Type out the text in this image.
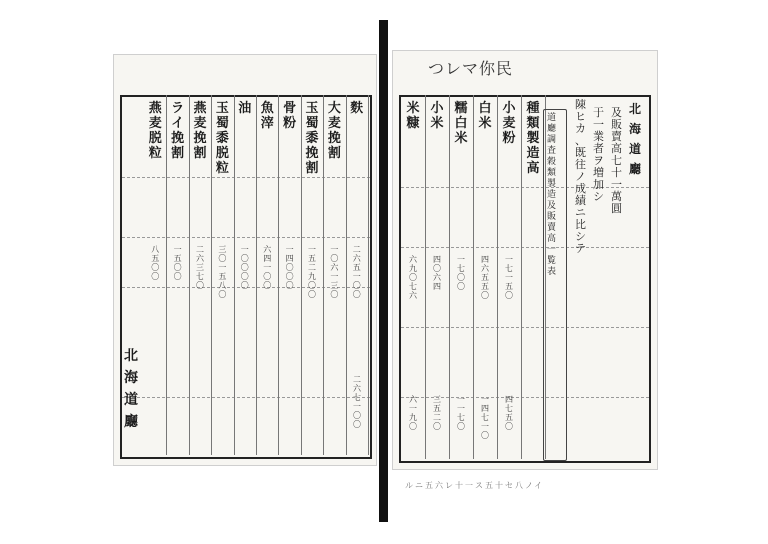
燕
麦
脱
粒
八
五
〇
〇
ラ
イ
挽
割
一
五
〇
〇
燕
麦
挽
割
二
六
三
七
〇
玉
蜀
黍
脱
粒
三
〇
一
五
八
〇
油
一
〇
〇
〇
〇
魚
滓
六
四
一
〇
〇
骨
粉
一
四
〇
〇
〇
玉
蜀
黍
挽
割
一
五
二
九
〇
〇
大
麦
挽
割
一
〇
六
一
三
〇
麩
二
六
五
一
〇
〇
北
海
道
廳
二
六
七
一
〇
〇
つレマ你民
米
糠
六
九
〇
七
六
六
一
九
〇
小
米
四
〇
六
四
三
五
二
〇
糯
白
米
一
七
〇
〇
一
一
七
〇
白
米
四
六
五
五
〇
一
四
七
一
〇
小
麦
粉
一
七
一
五
〇
四
七
五
〇
種
類
製
造
高
道
廳
調
査
穀
類
製
造
及
販
賣
高
一
覧
表
陳
ヒ
カ
、
既
往
ノ
成
績
ニ
比
シ
テ
于
一
業
者
ヲ
増
加
シ
及
販
賣
高
七
十
一
萬
圓
北
海
道
廳
ルニ五六レ十一ス五十セ八ノイ
